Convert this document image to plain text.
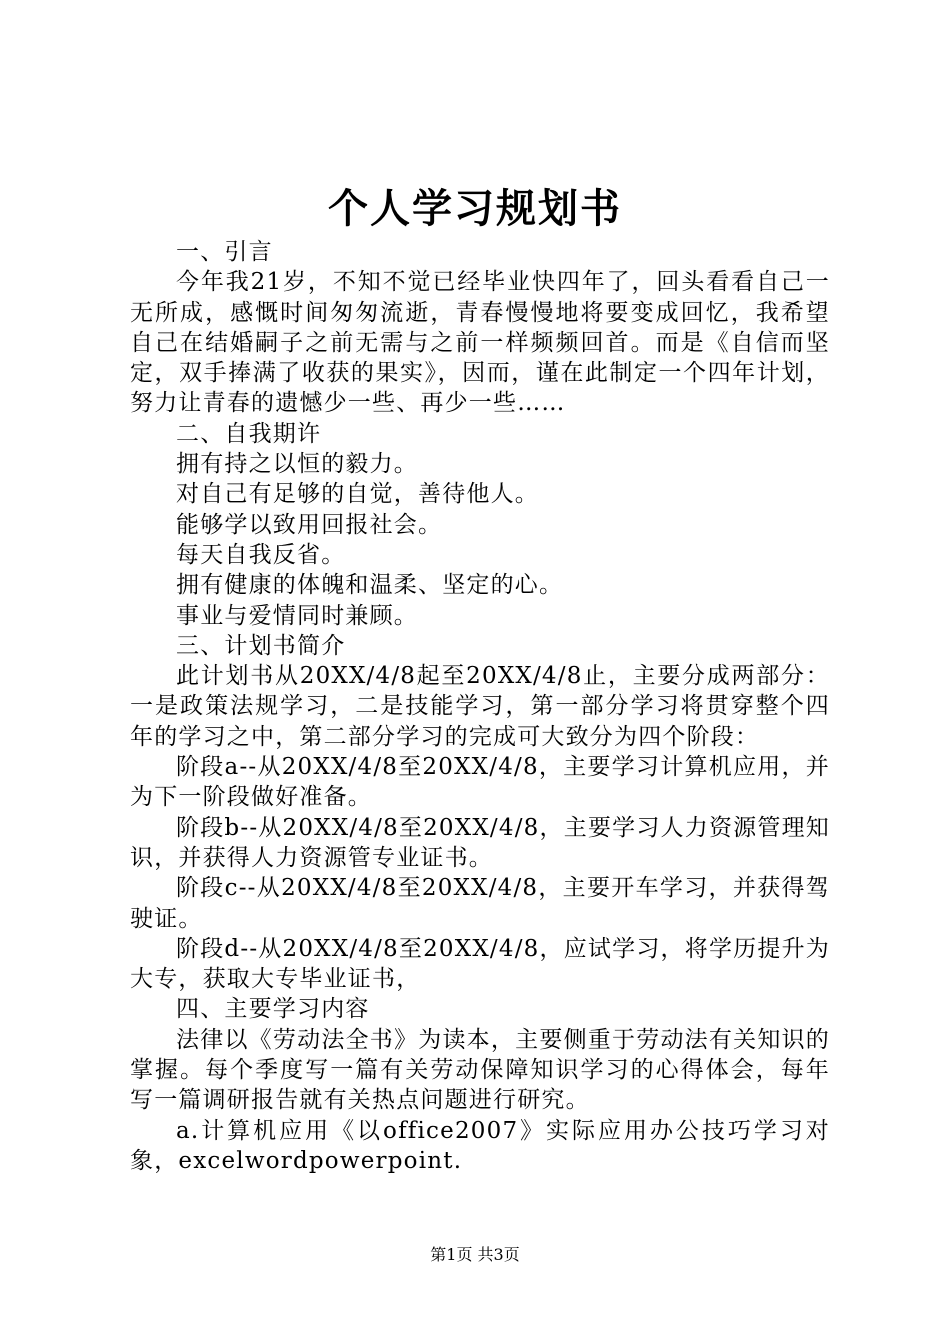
个人学习规划书

一、引言

今年我21岁，不知不觉已经毕业快四年了，回头看看自己一无所成，感慨时间匆匆流逝，青春慢慢地将要变成回忆，我希望自己在结婚嗣子之前无需与之前一样频频回首。而是《自信而坚定，双手捧满了收获的果实》，因而，谨在此制定一个四年计划，努力让青春的遗憾少一些、再少一些……

二、自我期许

拥有持之以恒的毅力。

对自己有足够的自觉，善待他人。

能够学以致用回报社会。

每天自我反省。

拥有健康的体魄和温柔、坚定的心。

事业与爱情同时兼顾。

三、计划书简介

此计划书从20XX/4/8起至20XX/4/8止，主要分成两部分：一是政策法规学习，二是技能学习，第一部分学习将贯穿整个四年的学习之中，第二部分学习的完成可大致分为四个阶段：

阶段a--从20XX/4/8至20XX/4/8，主要学习计算机应用，并为下一阶段做好准备。

阶段b--从20XX/4/8至20XX/4/8，主要学习人力资源管理知识，并获得人力资源管专业证书。

阶段c--从20XX/4/8至20XX/4/8，主要开车学习，并获得驾驶证。

阶段d--从20XX/4/8至20XX/4/8，应试学习，将学历提升为大专，获取大专毕业证书，

四、主要学习内容

法律以《劳动法全书》为读本，主要侧重于劳动法有关知识的掌握。每个季度写一篇有关劳动保障知识学习的心得体会，每年写一篇调研报告就有关热点问题进行研究。

a.计算机应用《以office2007》实际应用办公技巧学习对象，excelwordpowerpoint.

第1页 共3页
